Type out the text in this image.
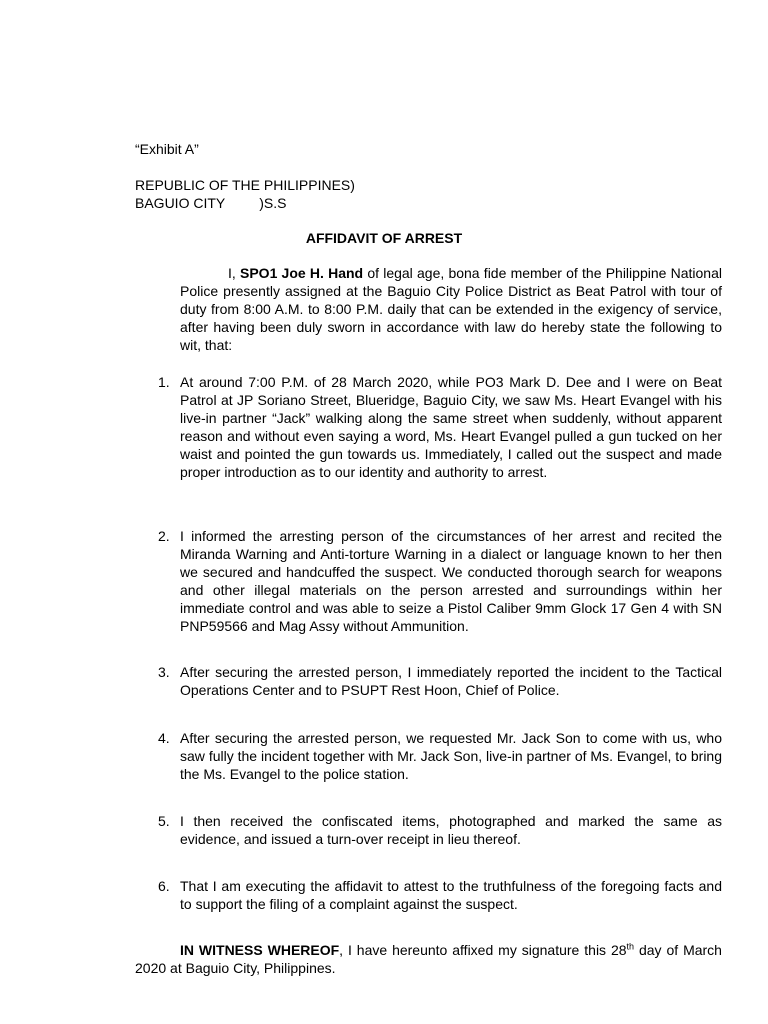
“Exhibit A”
REPUBLIC OF THE PHILIPPINES)
BAGUIO CITY )S.S
AFFIDAVIT OF ARREST
I, SPO1 Joe H. Hand of legal age, bona fide member of the Philippine National Police presently assigned at the Baguio City Police District as Beat Patrol with tour of duty from 8:00 A.M. to 8:00 P.M. daily that can be extended in the exigency of service, after having been duly sworn in accordance with law do hereby state the following to wit, that:
1. At around 7:00 P.M. of 28 March 2020, while PO3 Mark D. Dee and I were on Beat Patrol at JP Soriano Street, Blueridge, Baguio City, we saw Ms. Heart Evangel with his live-in partner “Jack” walking along the same street when suddenly, without apparent reason and without even saying a word, Ms. Heart Evangel pulled a gun tucked on her waist and pointed the gun towards us. Immediately, I called out the suspect and made proper introduction as to our identity and authority to arrest.
2. I informed the arresting person of the circumstances of her arrest and recited the Miranda Warning and Anti-torture Warning in a dialect or language known to her then we secured and handcuffed the suspect. We conducted thorough search for weapons and other illegal materials on the person arrested and surroundings within her immediate control and was able to seize a Pistol Caliber 9mm Glock 17 Gen 4 with SN PNP59566 and Mag Assy without Ammunition.
3. After securing the arrested person, I immediately reported the incident to the Tactical Operations Center and to PSUPT Rest Hoon, Chief of Police.
4. After securing the arrested person, we requested Mr. Jack Son to come with us, who saw fully the incident together with Mr. Jack Son, live-in partner of Ms. Evangel, to bring the Ms. Evangel to the police station.
5. I then received the confiscated items, photographed and marked the same as evidence, and issued a turn-over receipt in lieu thereof.
6. That I am executing the affidavit to attest to the truthfulness of the foregoing facts and to support the filing of a complaint against the suspect.
IN WITNESS WHEREOF, I have hereunto affixed my signature this 28th day of March 2020 at Baguio City, Philippines.
